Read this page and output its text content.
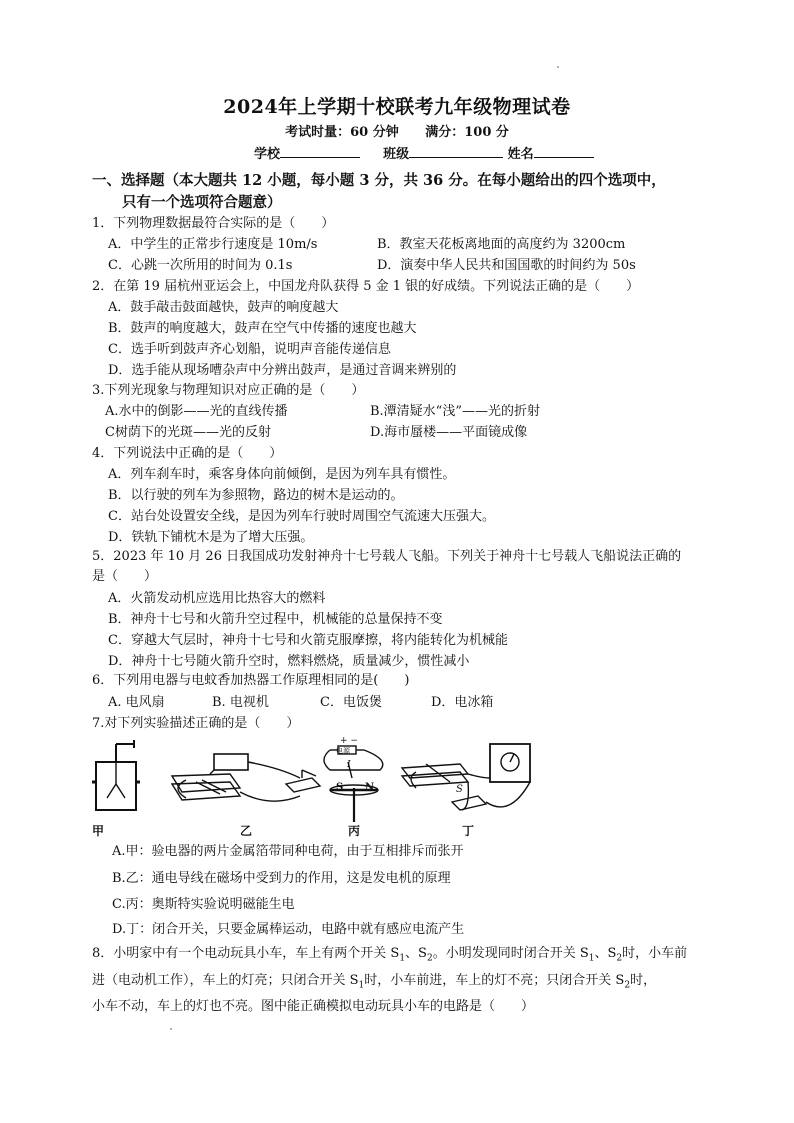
2024年上学期十校联考九年级物理试卷
考试时量：60 分钟 满分：100 分
学校	班级	姓名
一、选择题（本大题共 12 小题，每小题 3 分，共 36 分。在每小题给出的四个选项中，
只有一个选项符合题意）
1．下列物理数据最符合实际的是（　　）
A．中学生的正常步行速度是 10m/s	B．教室天花板离地面的高度约为 3200cm
C．心跳一次所用的时间为 0.1s	D．演奏中华人民共和国国歌的时间约为 50s
2．在第 19 届杭州亚运会上，中国龙舟队获得 5 金 1 银的好成绩。下列说法正确的是（　　）
A．鼓手敲击鼓面越快，鼓声的响度越大
B．鼓声的响度越大，鼓声在空气中传播的速度也越大
C．选手听到鼓声齐心划船，说明声音能传递信息
D．选手能从现场嘈杂声中分辨出鼓声，是通过音调来辨别的
3.下列光现象与物理知识对应正确的是（　　）
A.水中的倒影——光的直线传播	B.潭清疑水“浅”——光的折射
C树荫下的光斑——光的反射	D.海市蜃楼——平面镜成像
4．下列说法中正确的是（　　）
A．列车刹车时，乘客身体向前倾倒，是因为列车具有惯性。
B．以行驶的列车为参照物，路边的树木是运动的。
C．站台处设置安全线，是因为列车行驶时周围空气流速大压强大。
D．铁轨下铺枕木是为了增大压强。
5．2023 年 10 月 26 日我国成功发射神舟十七号载人飞船。下列关于神舟十七号载人飞船说法正确的
是（　　）
A．火箭发动机应选用比热容大的燃料
B．神舟十七号和火箭升空过程中，机械能的总量保持不变
C．穿越大气层时，神舟十七号和火箭克服摩擦，将内能转化为机械能
D．神舟十七号随火箭升空时，燃料燃烧，质量减少，惯性减小
6．下列用电器与电蚊香加热器工作原理相同的是(　　)
A. 电风扇	B. 电视机	C．电饭煲	D．电冰箱
7.对下列实验描述正确的是（　　）
电源
+ −
I
S N	S
甲	乙	丙	丁
A.甲：验电器的两片金属箔带同种电荷，由于互相排斥而张开
B.乙：通电导线在磁场中受到力的作用，这是发电机的原理
C.丙：奥斯特实验说明磁能生电
D.丁：闭合开关，只要金属棒运动，电路中就有感应电流产生
8．小明家中有一个电动玩具小车，车上有两个开关 $S_1$、$S_2$。小明发现同时闭合开关 $S_1$、$S_2$时，小车前
进（电动机工作），车上的灯亮；只闭合开关 $S_1$时，小车前进，车上的灯不亮；只闭合开关 $S_2$时，
小车不动，车上的灯也不亮。图中能正确模拟电动玩具小车的电路是（　　）
